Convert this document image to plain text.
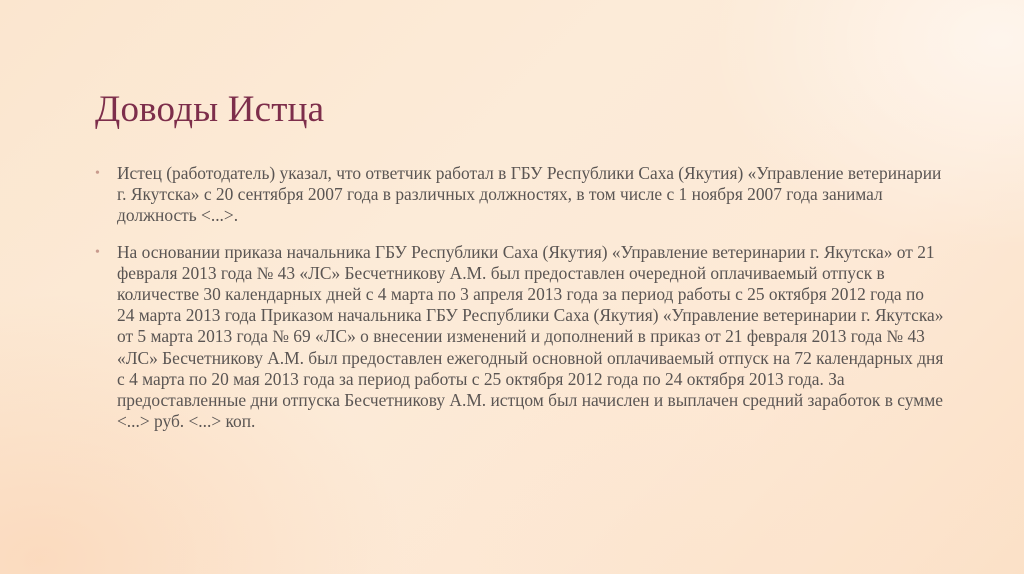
Доводы Истца
• Истец (работодатель) указал, что ответчик работал в ГБУ Республики Саха (Якутия) «Управление ветеринарии г. Якутска» с 20 сентября 2007 года в различных должностях, в том числе с 1 ноября 2007 года занимал должность <...>.
• На основании приказа начальника ГБУ Республики Саха (Якутия) «Управление ветеринарии г. Якутска» от 21 февраля 2013 года № 43 «ЛС» Бесчетникову А.М. был предоставлен очередной оплачиваемый отпуск в количестве 30 календарных дней с 4 марта по 3 апреля 2013 года за период работы с 25 октября 2012 года по 24 марта 2013 года Приказом начальника ГБУ Республики Саха (Якутия) «Управление ветеринарии г. Якутска» от 5 марта 2013 года № 69 «ЛС» о внесении изменений и дополнений в приказ от 21 февраля 2013 года № 43 «ЛС» Бесчетникову А.М. был предоставлен ежегодный основной оплачиваемый отпуск на 72 календарных дня с 4 марта по 20 мая 2013 года за период работы с 25 октября 2012 года по 24 октября 2013 года. За предоставленные дни отпуска Бесчетникову А.М. истцом был начислен и выплачен средний заработок в сумме <...> руб. <...> коп.
